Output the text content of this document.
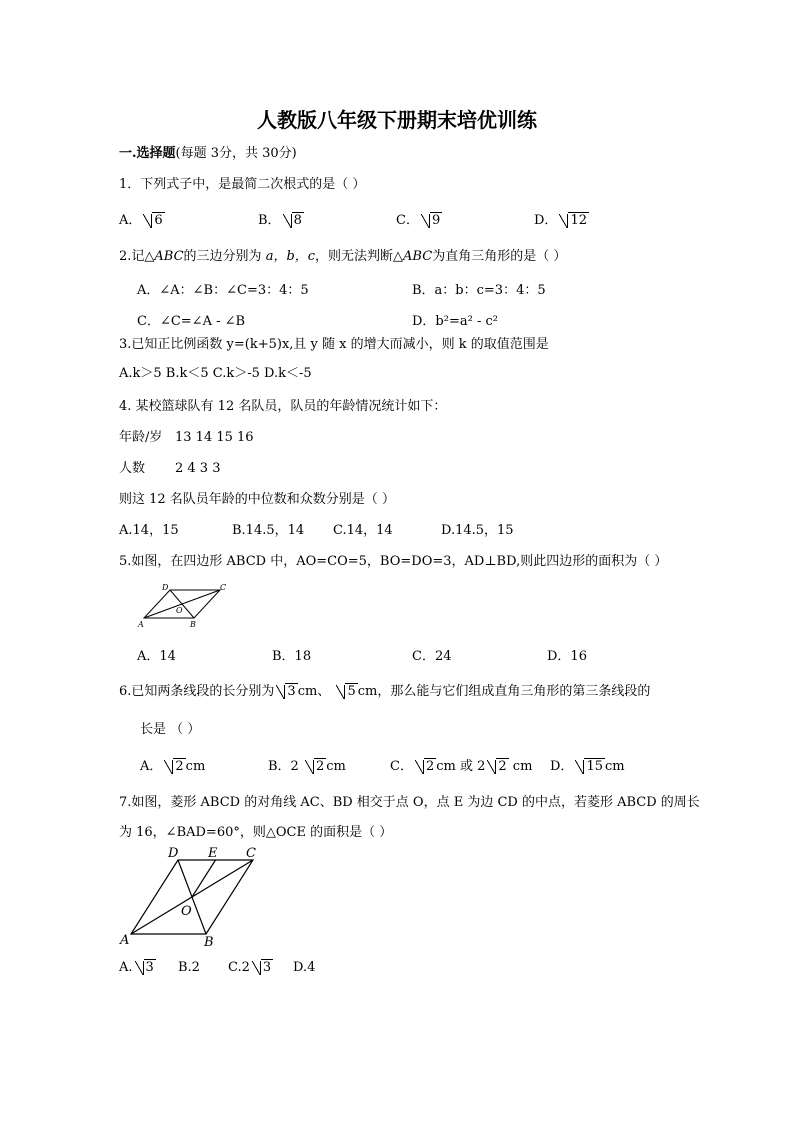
人教版八年级下册期末培优训练
一.选择题(每题 3分，共 30分)
1．下列式子中，是最简二次根式的是（ ）
A． 6	B． 8	C． 9	D． 12
2.记△ABC的三边分别为 a，b，c，则无法判断△ABC为直角三角形的是（ ）
A．∠A：∠B：∠C=3：4：5	B．a：b：c=3：4：5
C．∠C=∠A - ∠B	D．b²=a² - c²
3.已知正比例函数 y=(k+5)x,且 y 随 x 的增大而减小，则 k 的取值范围是
A.k＞5 B.k＜5 C.k＞-5 D.k＜-5
4. 某校篮球队有 12 名队员，队员的年龄情况统计如下：
年龄/岁 13 14 15 16
人数 2 4 3 3
则这 12 名队员年龄的中位数和众数分别是（ ）
A.14，15	B.14.5，14 C.14，14	D.14.5，15
5.如图，在四边形 ABCD 中，AO=CO=5，BO=DO=3，AD⊥BD,则此四边形的面积为（ ）
D	C
O
A	B
A．14	B．18	C．24	D．16
6.已知两条线段的长分别为 3 cm、 5 cm，那么能与它们组成直角三角形的第三条线段的
长是 （ ）
A． 2 cm	B．2 2 cm	C． 2 cm 或 2 2 cm D． 15 cm
7.如图，菱形 ABCD 的对角线 AC、BD 相交于点 O，点 E 为边 CD 的中点，若菱形 ABCD 的周长
为 16，∠BAD=60°，则△OCE 的面积是（ ）
D E C
O
A	B
A. 3 B.2 C.2 3 D.4
